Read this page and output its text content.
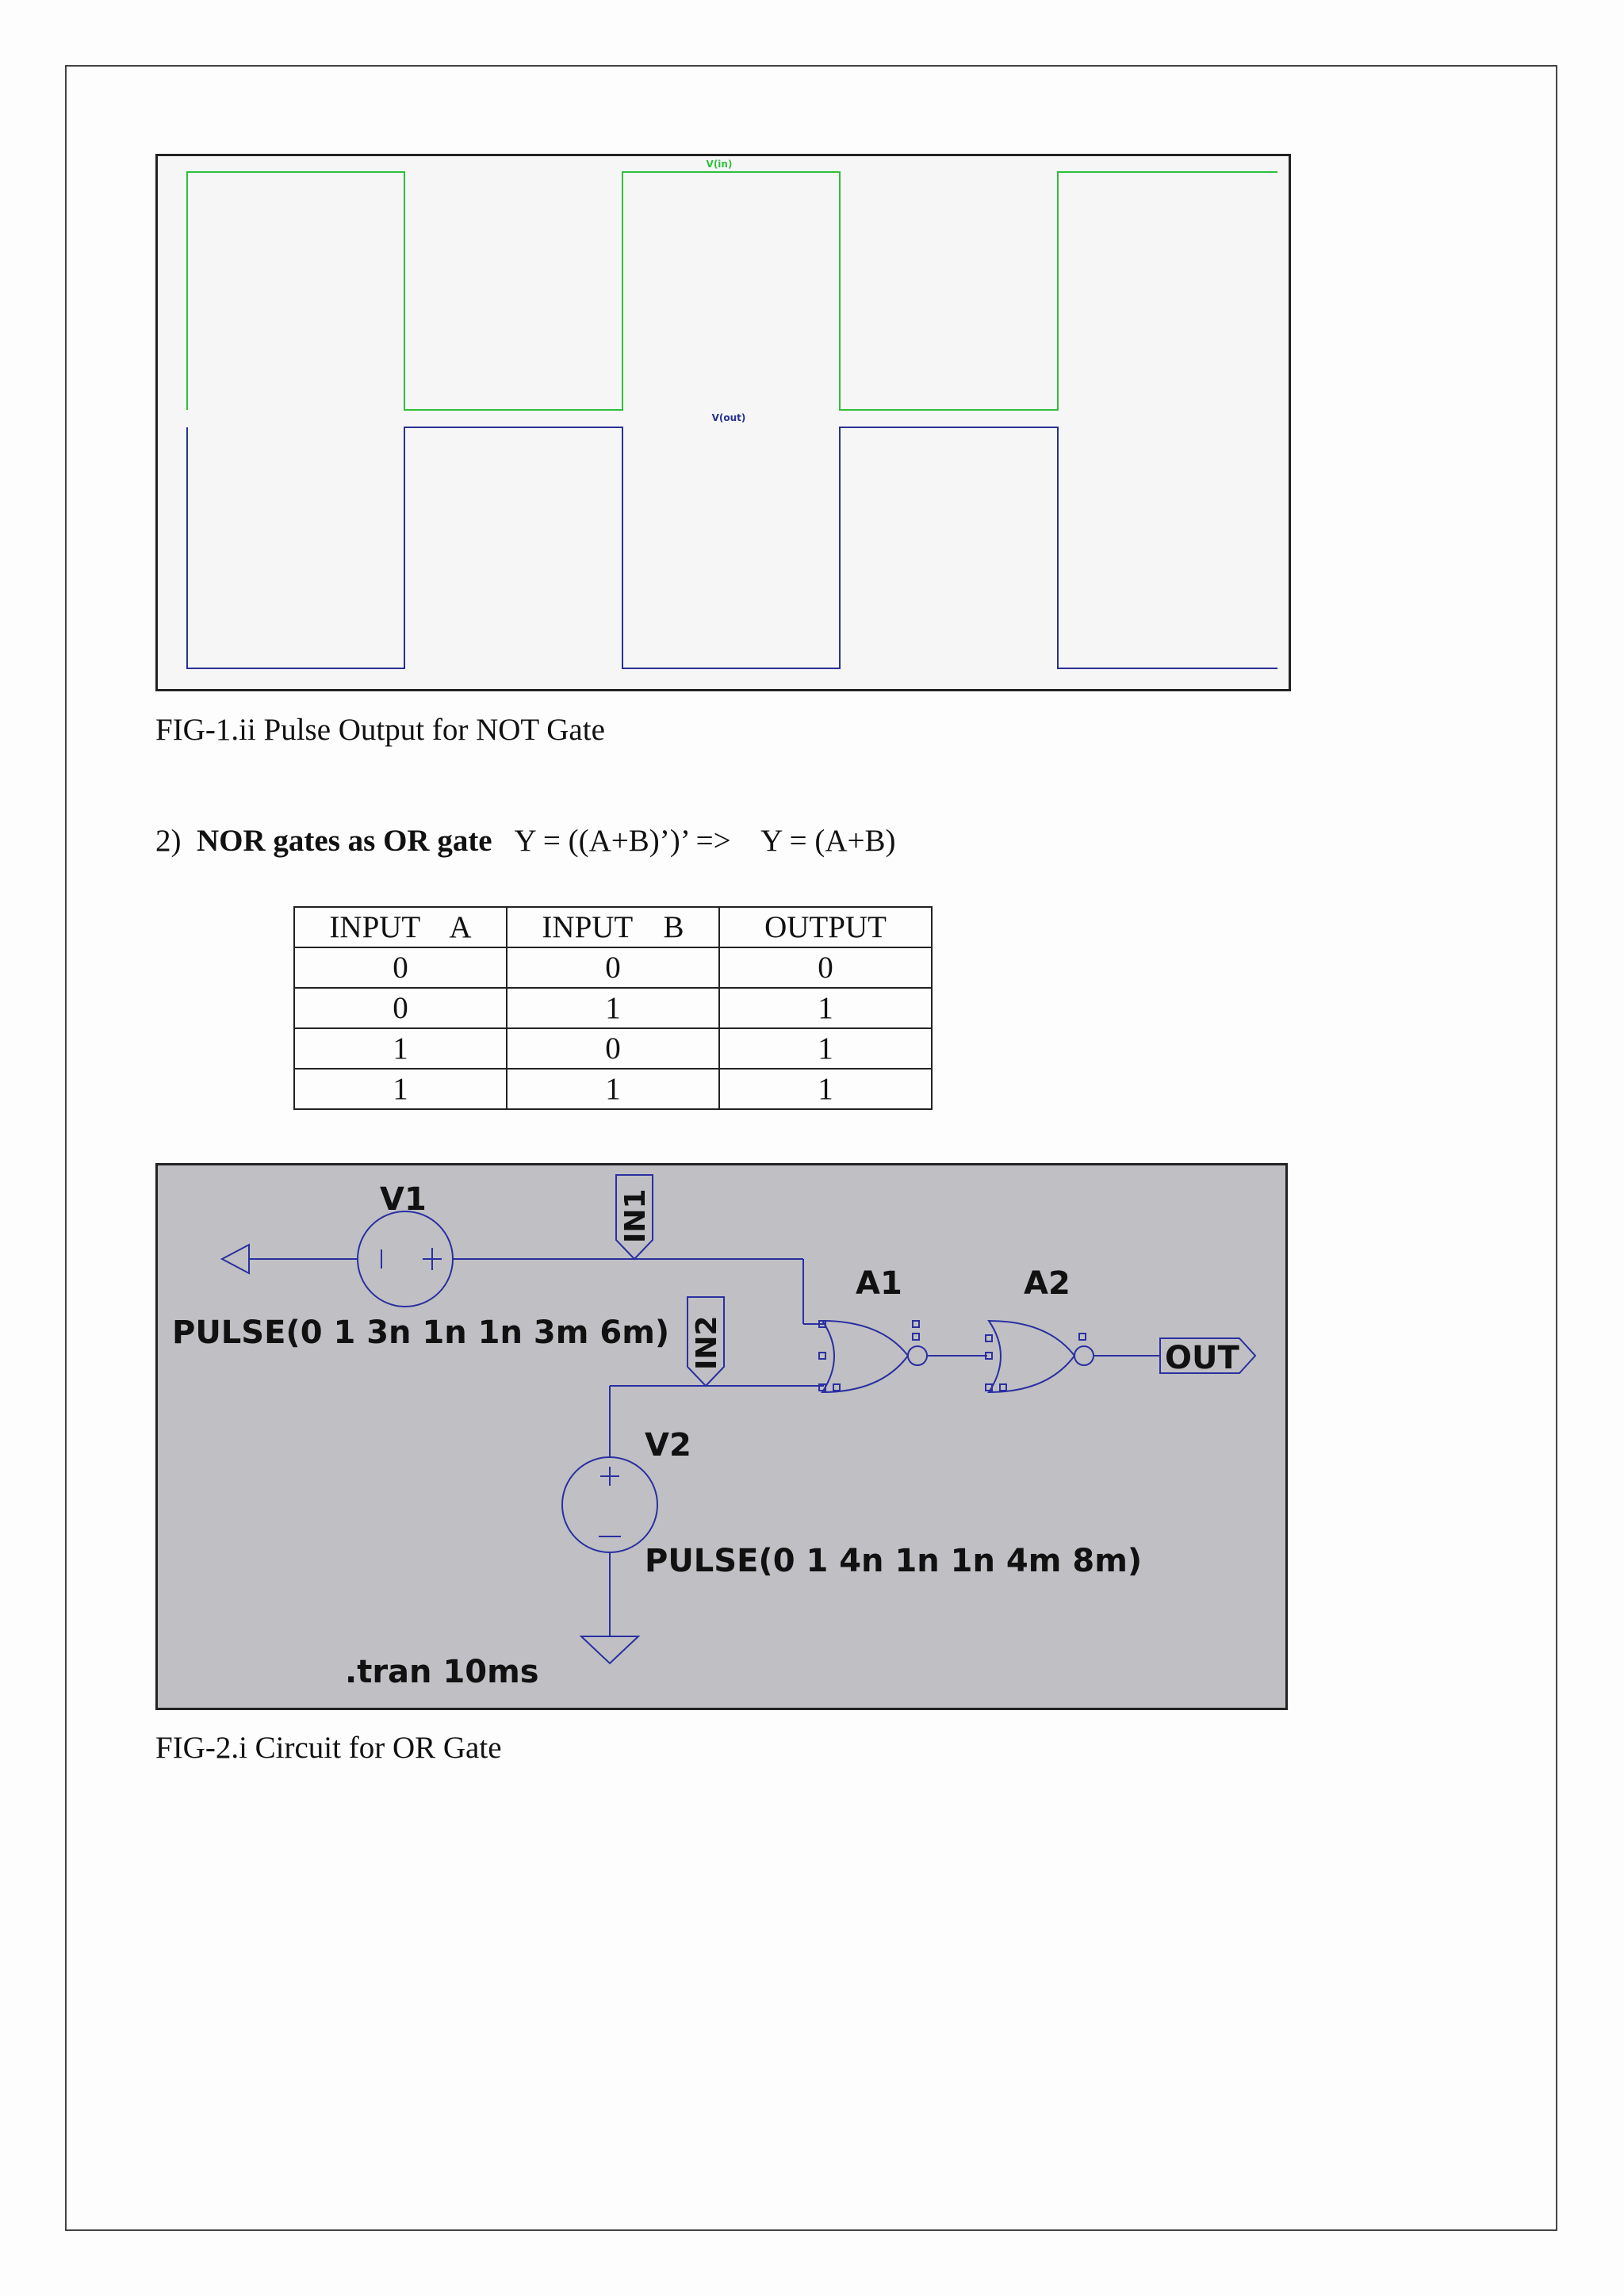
V(in)
V(out)
FIG-1.ii Pulse Output for NOT Gate
2) NOR gates as OR gate Y = ((A+B)’)’ => Y = (A+B)
INPUT    A	INPUT    B	OUTPUT
0	0	0
0	1	1
1	0	1
1	1	1
V1
PULSE(0 1 3n 1n 1n 3m 6m)
IN1
IN2
A1	A2
OUT
V2
PULSE(0 1 4n 1n 1n 4m 8m)
.tran 10ms
FIG-2.i Circuit for OR Gate
